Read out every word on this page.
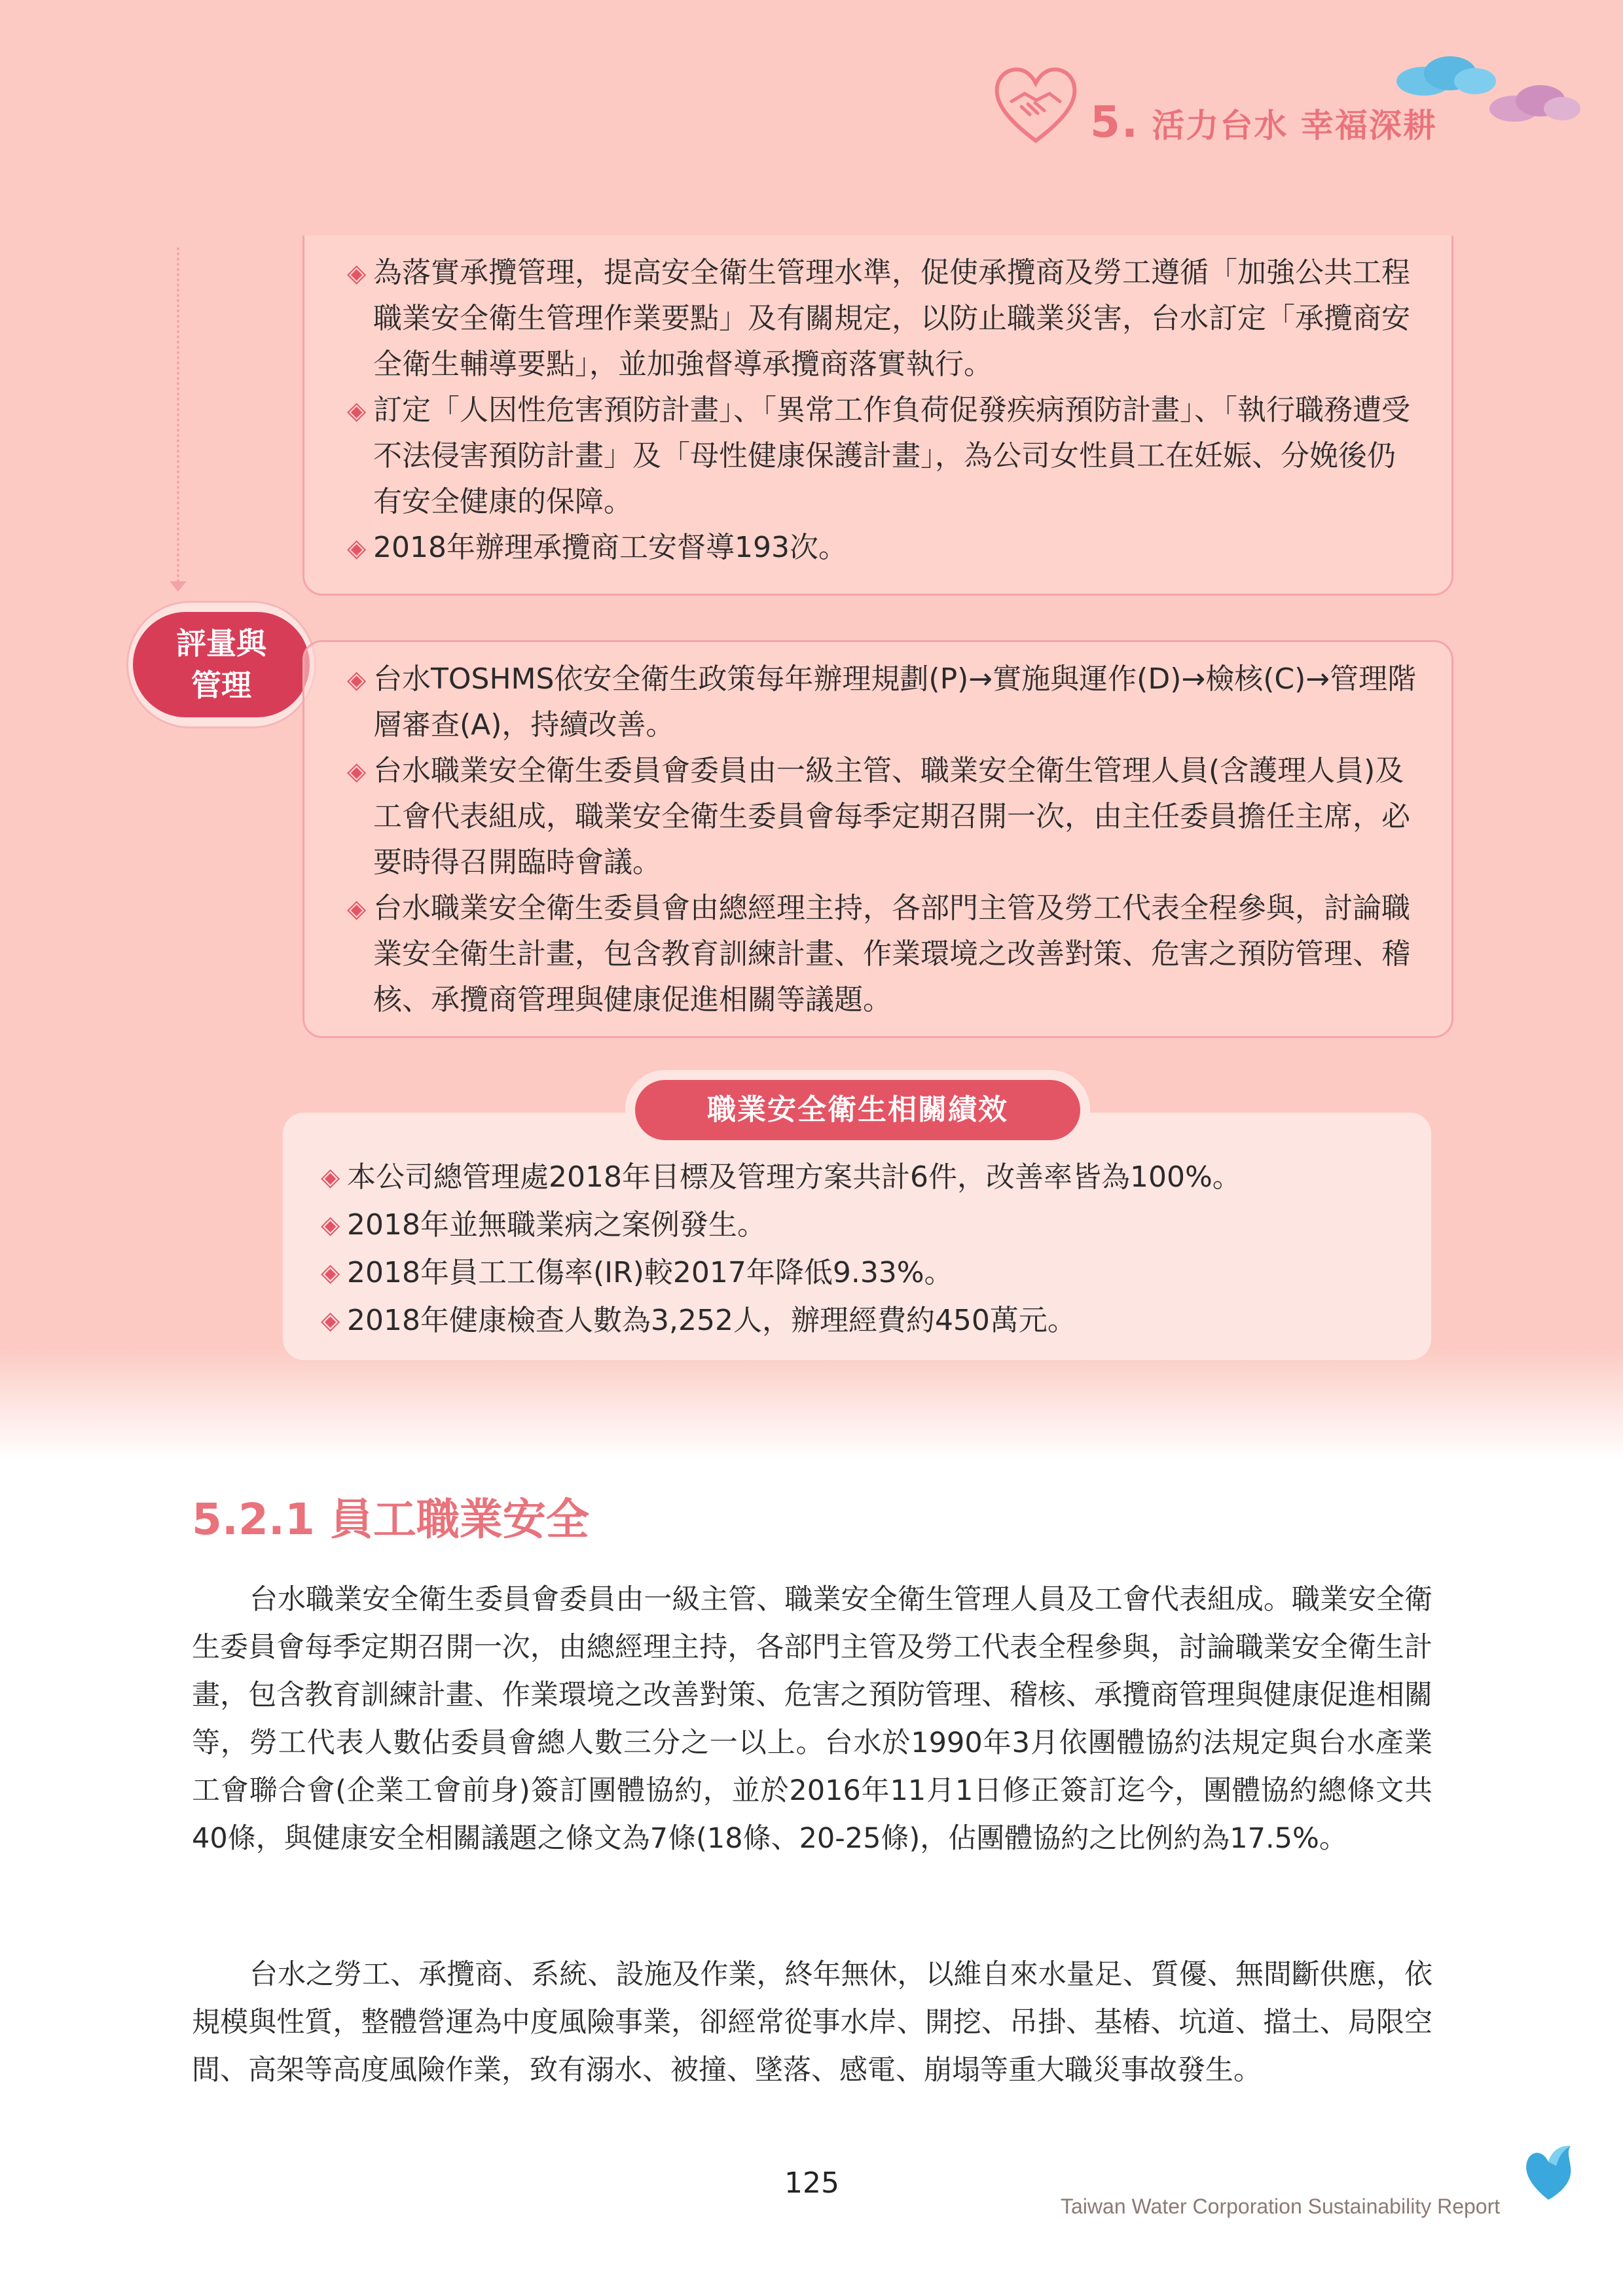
5. 活力台水 幸福深耕
◈ 為落實承攬管理，提高安全衛生管理水準，促使承攬商及勞工遵循「加強公共工程職業安全衛生管理作業要點」及有關規定，以防止職業災害，台水訂定「承攬商安全衛生輔導要點」，並加強督導承攬商落實執行。
◈ 訂定「人因性危害預防計畫」、「異常工作負荷促發疾病預防計畫」、「執行職務遭受不法侵害預防計畫」及「母性健康保護計畫」，為公司女性員工在妊娠、分娩後仍有安全健康的保障。
◈ 2018年辦理承攬商工安督導193次。
評量與
管理	◈ 台水TOSHMS依安全衛生政策每年辦理規劃(P)→實施與運作(D)→檢核(C)→管理階層審查(A)，持續改善。
◈ 台水職業安全衛生委員會委員由一級主管、職業安全衛生管理人員(含護理人員)及工會代表組成，職業安全衛生委員會每季定期召開一次，由主任委員擔任主席，必要時得召開臨時會議。
◈ 台水職業安全衛生委員會由總經理主持，各部門主管及勞工代表全程參與，討論職業安全衛生計畫，包含教育訓練計畫、作業環境之改善對策、危害之預防管理、稽核、承攬商管理與健康促進相關等議題。
職業安全衛生相關績效
◈ 本公司總管理處2018年目標及管理方案共計6件，改善率皆為100%。
◈ 2018年並無職業病之案例發生。
◈ 2018年員工工傷率(IR)較2017年降低9.33%。
◈ 2018年健康檢查人數為3,252人，辦理經費約450萬元。
5.2.1 員工職業安全

台水職業安全衛生委員會委員由一級主管、職業安全衛生管理人員及工會代表組成。職業安全衛生委員會每季定期召開一次，由總經理主持，各部門主管及勞工代表全程參與，討論職業安全衛生計畫，包含教育訓練計畫、作業環境之改善對策、危害之預防管理、稽核、承攬商管理與健康促進相關等，勞工代表人數佔委員會總人數三分之一以上。台水於1990年3月依團體協約法規定與台水產業工會聯合會(企業工會前身)簽訂團體協約，並於2016年11月1日修正簽訂迄今，團體協約總條文共40條，與健康安全相關議題之條文為7條(18條、20-25條)，佔團體協約之比例約為17.5%。

台水之勞工、承攬商、系統、設施及作業，終年無休，以維自來水量足、質優、無間斷供應，依規模與性質，整體營運為中度風險事業，卻經常從事水岸、開挖、吊掛、基樁、坑道、擋土、局限空間、高架等高度風險作業，致有溺水、被撞、墜落、感電、崩塌等重大職災事故發生。

125
Taiwan Water Corporation Sustainability Report
